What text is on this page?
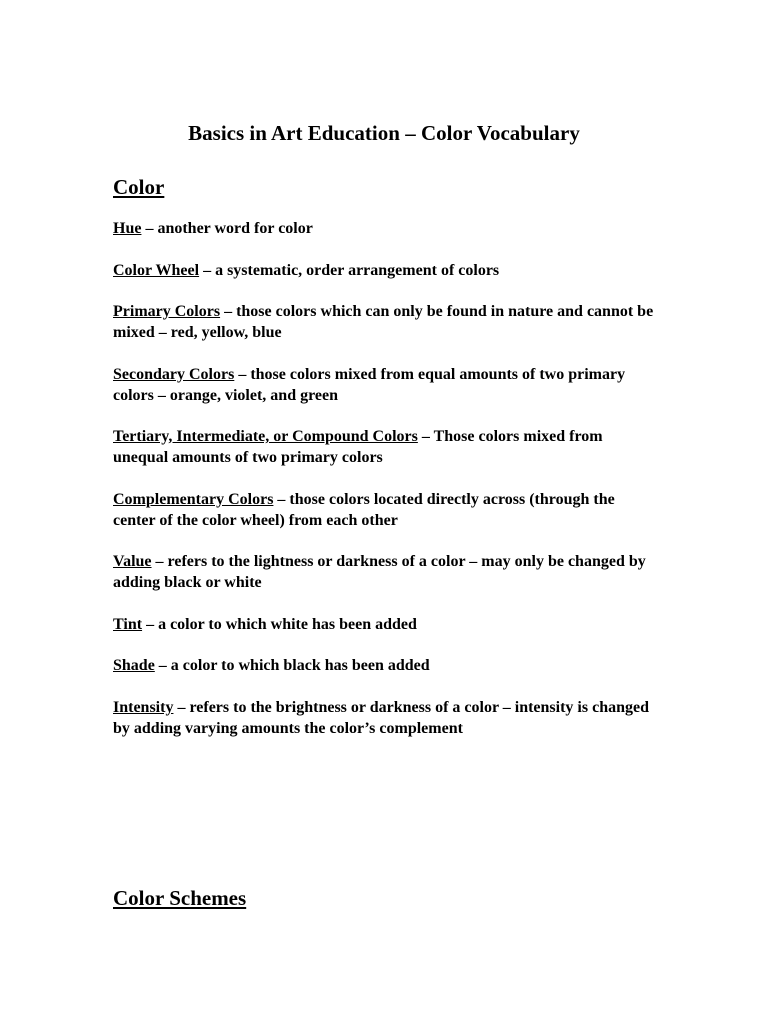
Basics in Art Education – Color Vocabulary
Color
Hue – another word for color
Color Wheel – a systematic, order arrangement of colors
Primary Colors – those colors which can only be found in nature and cannot be mixed – red, yellow, blue
Secondary Colors – those colors mixed from equal amounts of two primary colors – orange, violet, and green
Tertiary, Intermediate, or Compound Colors – Those colors mixed from unequal amounts of two primary colors
Complementary Colors – those colors located directly across (through the center of the color wheel) from each other
Value – refers to the lightness or darkness of a color – may only be changed by adding black or white
Tint – a color to which white has been added
Shade – a color to which black has been added
Intensity – refers to the brightness or darkness of a color – intensity is changed by adding varying amounts the color’s complement
Color Schemes
